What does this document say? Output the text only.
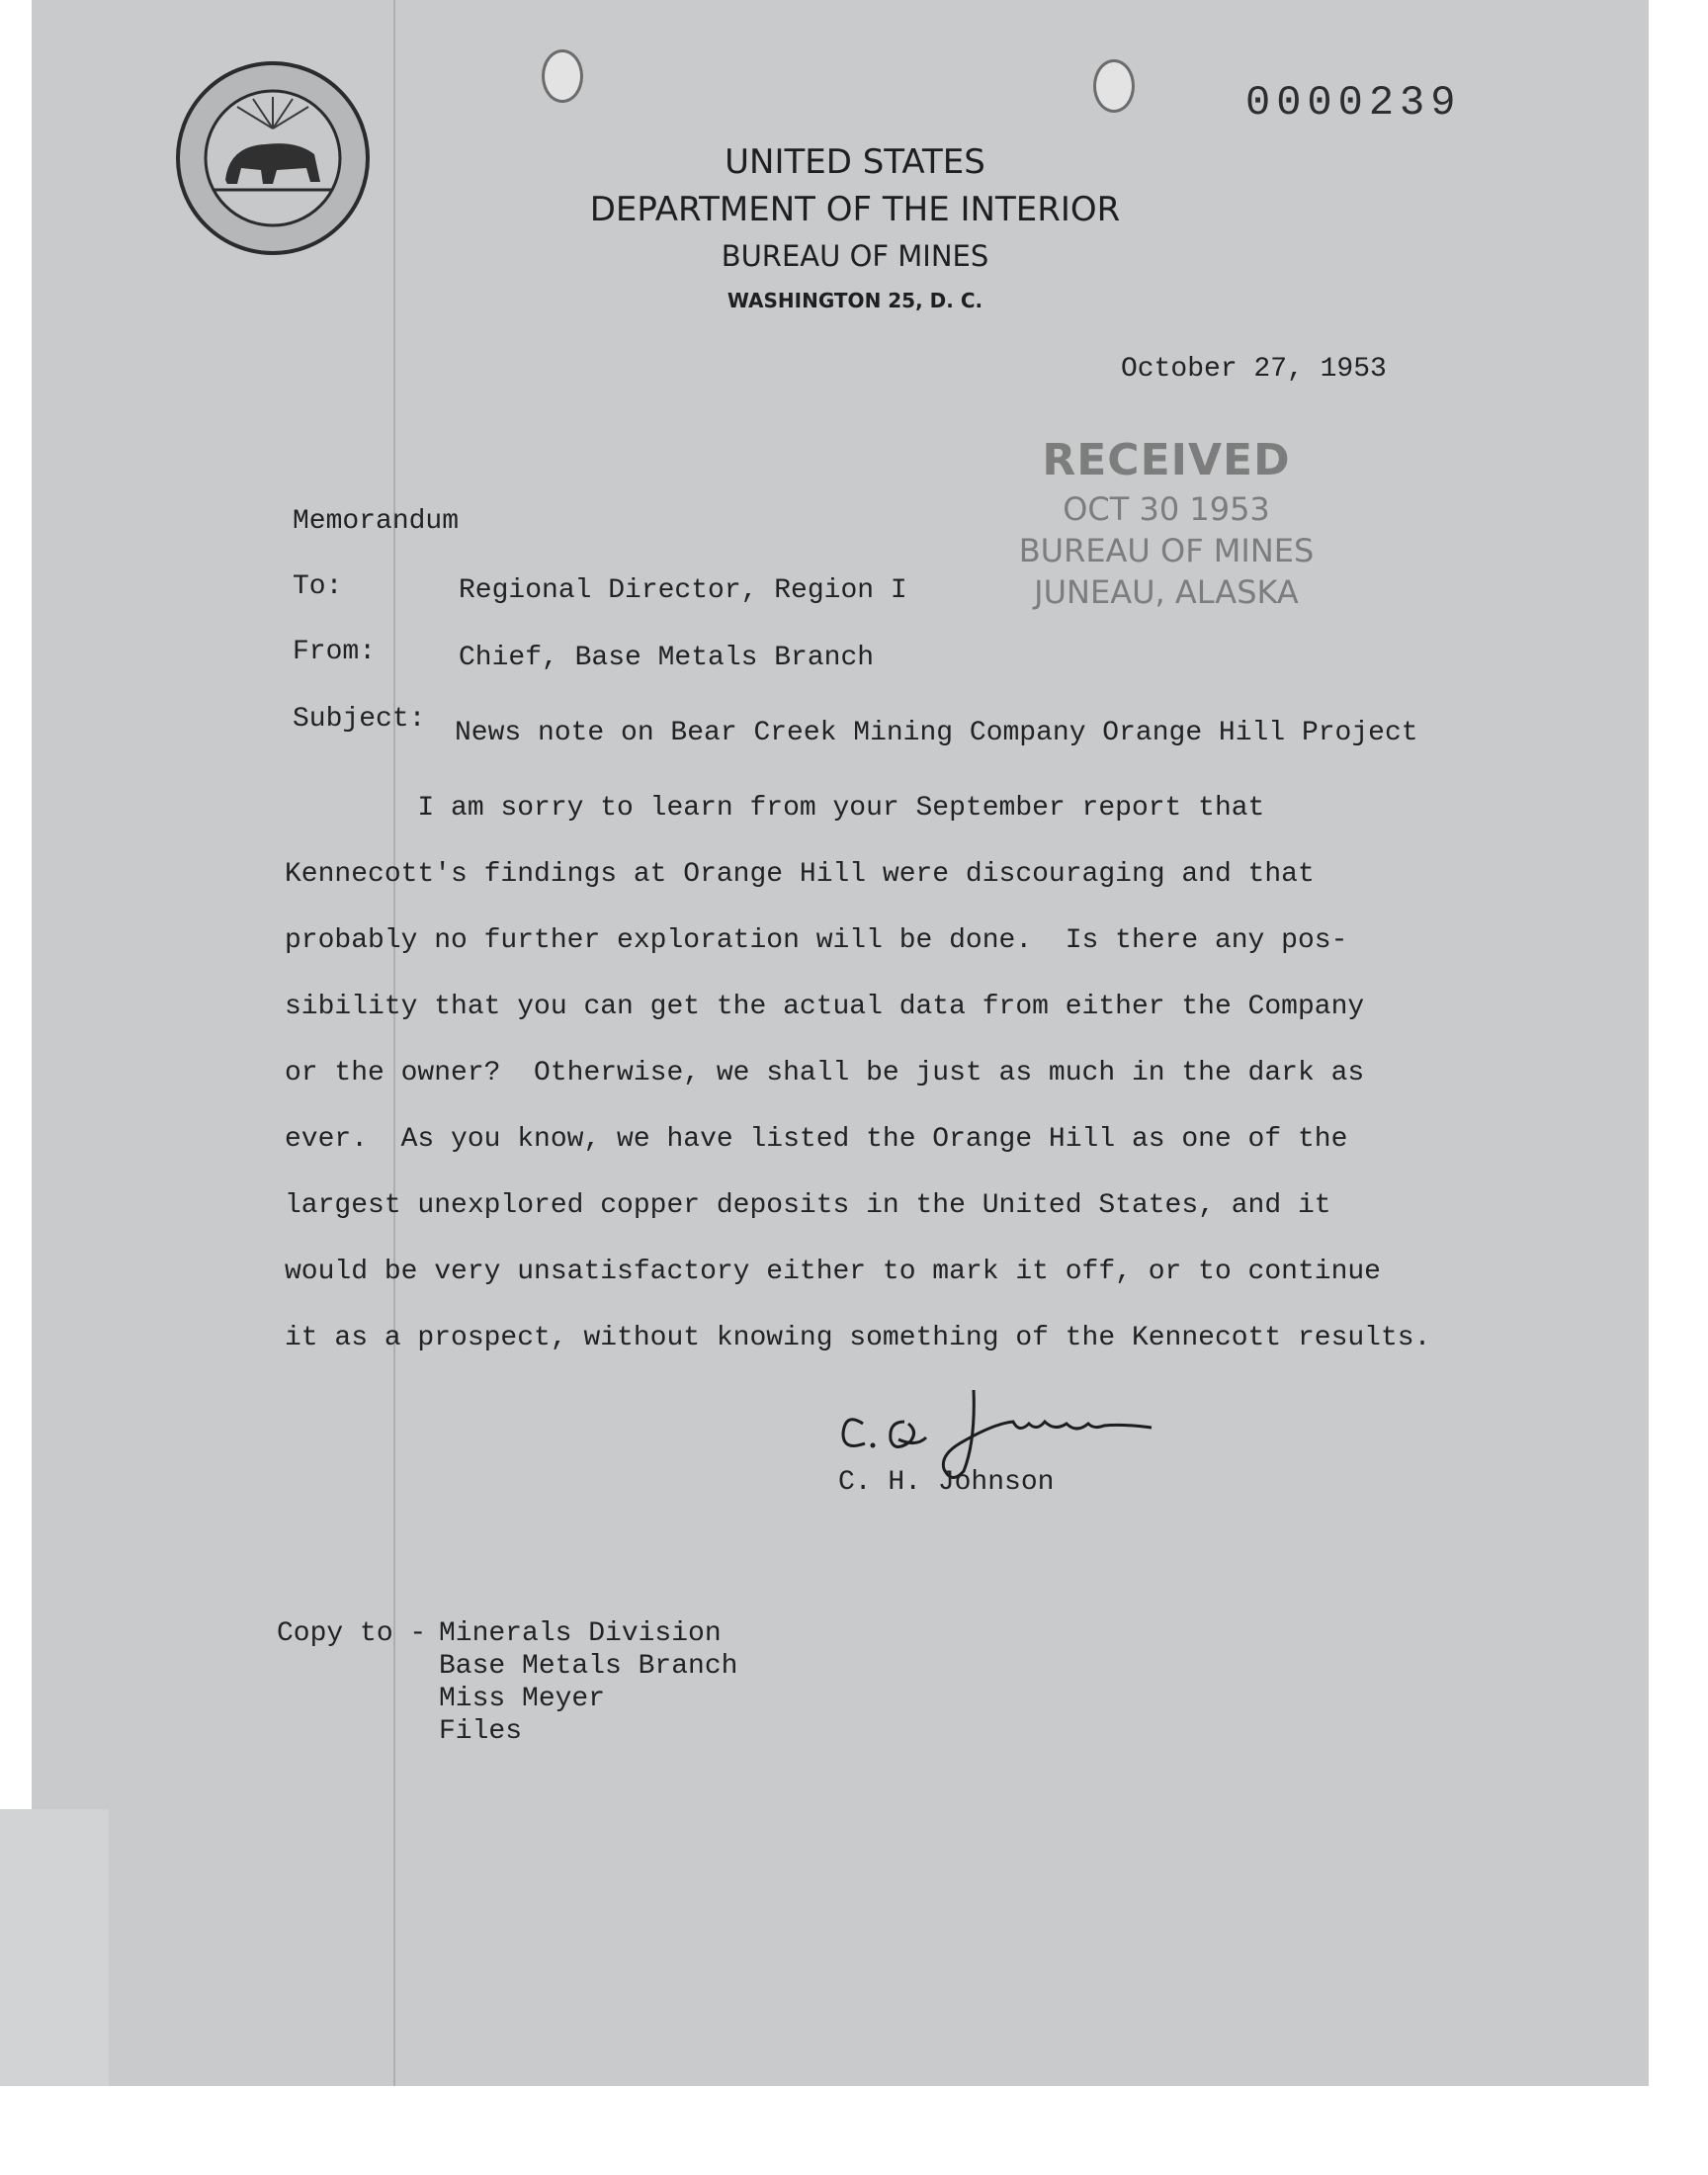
0000239
UNITED STATES
DEPARTMENT OF THE INTERIOR
BUREAU OF MINES
WASHINGTON 25, D. C.
October 27, 1953
RECEIVED
OCT 30 1953
BUREAU OF MINES
JUNEAU, ALASKA
Memorandum
To:	Regional Director, Region I
From:	Chief, Base Metals Branch
Subject: News note on Bear Creek Mining Company Orange Hill Project
I am sorry to learn from your September report that
Kennecott's findings at Orange Hill were discouraging and that
probably no further exploration will be done.  Is there any pos-
sibility that you can get the actual data from either the Company
or the owner?  Otherwise, we shall be just as much in the dark as
ever.  As you know, we have listed the Orange Hill as one of the
largest unexplored copper deposits in the United States, and it
would be very unsatisfactory either to mark it off, or to continue
it as a prospect, without knowing something of the Kennecott results.
C. H. Johnson
Copy to - Minerals Division
Base Metals Branch
Miss Meyer
Files
